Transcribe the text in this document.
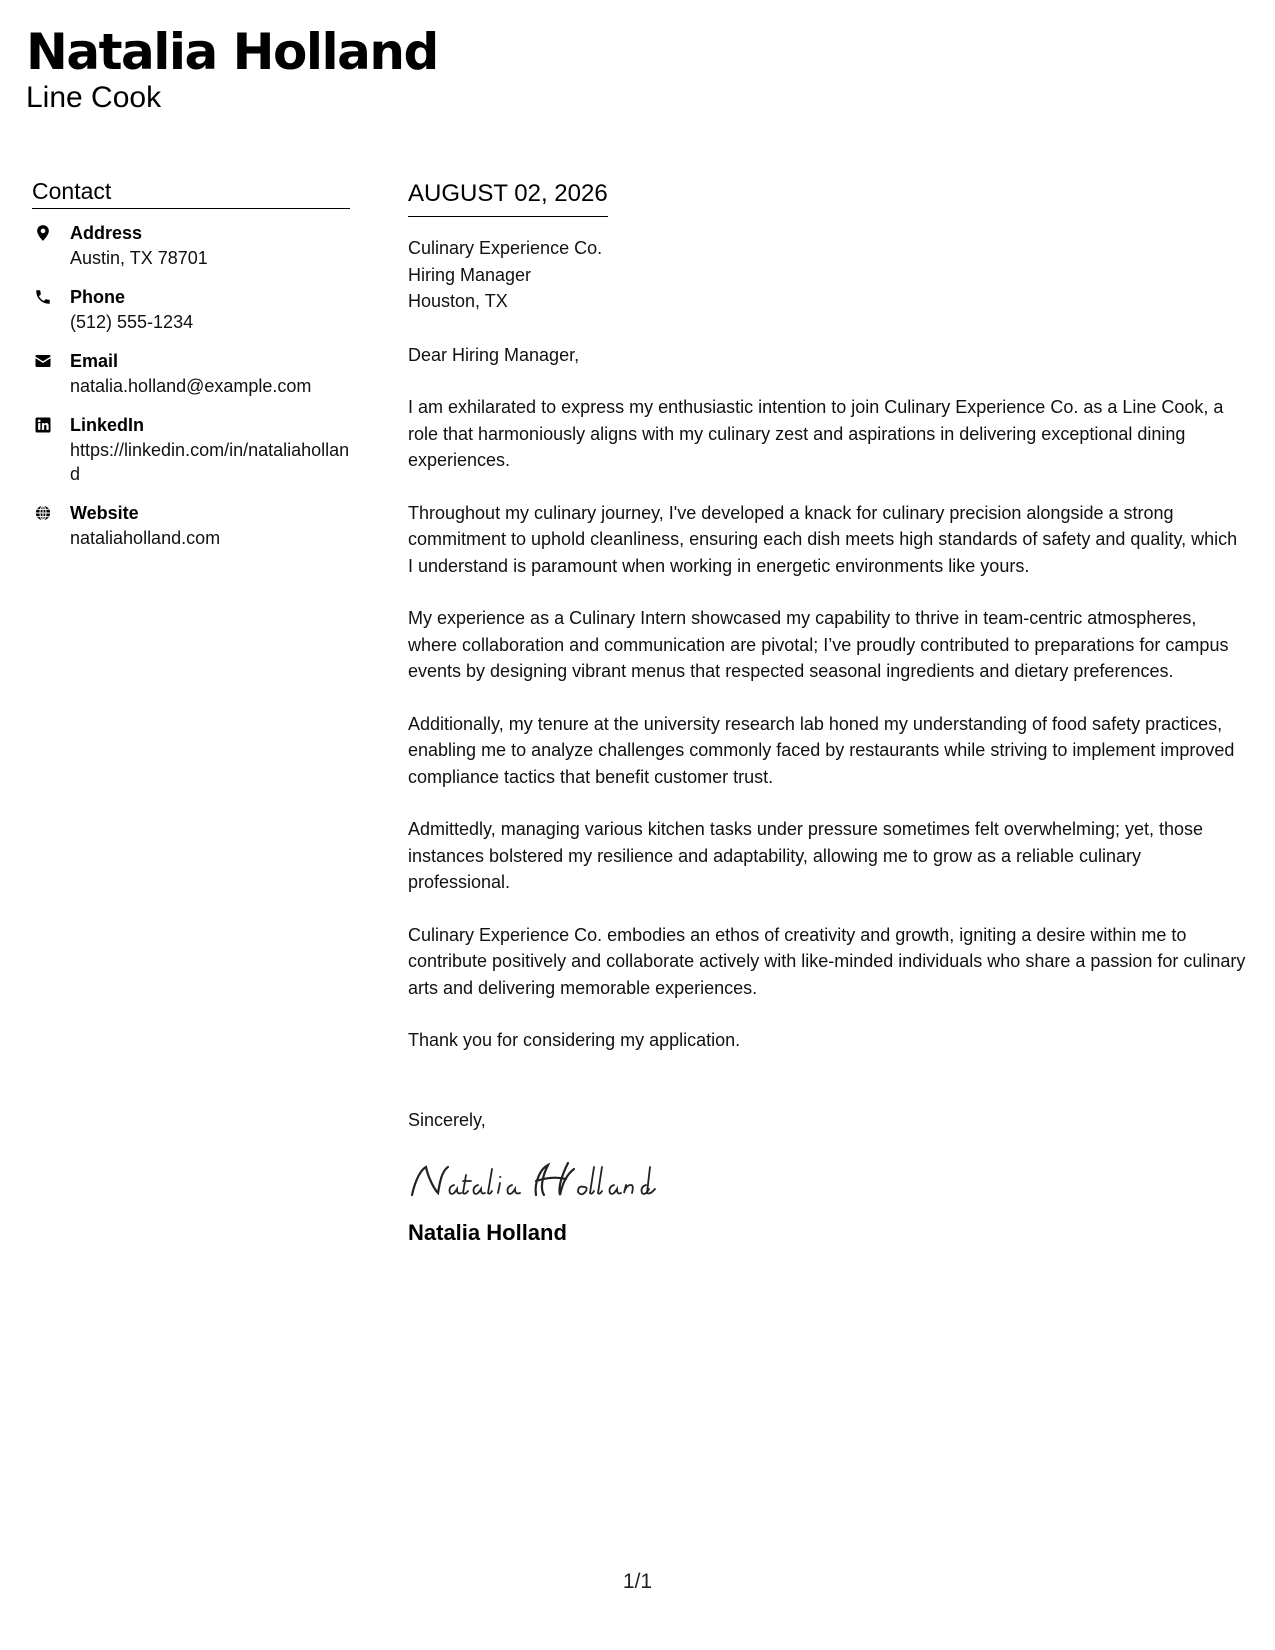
Natalia Holland
Line Cook
Contact
Address
Austin, TX 78701
Phone
(512) 555-1234
Email
natalia.holland@example.com
LinkedIn
https://linkedin.com/in/nataliaholland
Website
nataliaholland.com
AUGUST 02, 2026
Culinary Experience Co.
Hiring Manager
Houston, TX
Dear Hiring Manager,
I am exhilarated to express my enthusiastic intention to join Culinary Experience Co. as a Line Cook, a role that harmoniously aligns with my culinary zest and aspirations in delivering exceptional dining experiences.
Throughout my culinary journey, I've developed a knack for culinary precision alongside a strong commitment to uphold cleanliness, ensuring each dish meets high standards of safety and quality, which I understand is paramount when working in energetic environments like yours.
My experience as a Culinary Intern showcased my capability to thrive in team-centric atmospheres, where collaboration and communication are pivotal; I’ve proudly contributed to preparations for campus events by designing vibrant menus that respected seasonal ingredients and dietary preferences.
Additionally, my tenure at the university research lab honed my understanding of food safety practices, enabling me to analyze challenges commonly faced by restaurants while striving to implement improved compliance tactics that benefit customer trust.
Admittedly, managing various kitchen tasks under pressure sometimes felt overwhelming; yet, those instances bolstered my resilience and adaptability, allowing me to grow as a reliable culinary professional.
Culinary Experience Co. embodies an ethos of creativity and growth, igniting a desire within me to contribute positively and collaborate actively with like-minded individuals who share a passion for culinary arts and delivering memorable experiences.
Thank you for considering my application.
Sincerely,
Natalia Holland
1/1
